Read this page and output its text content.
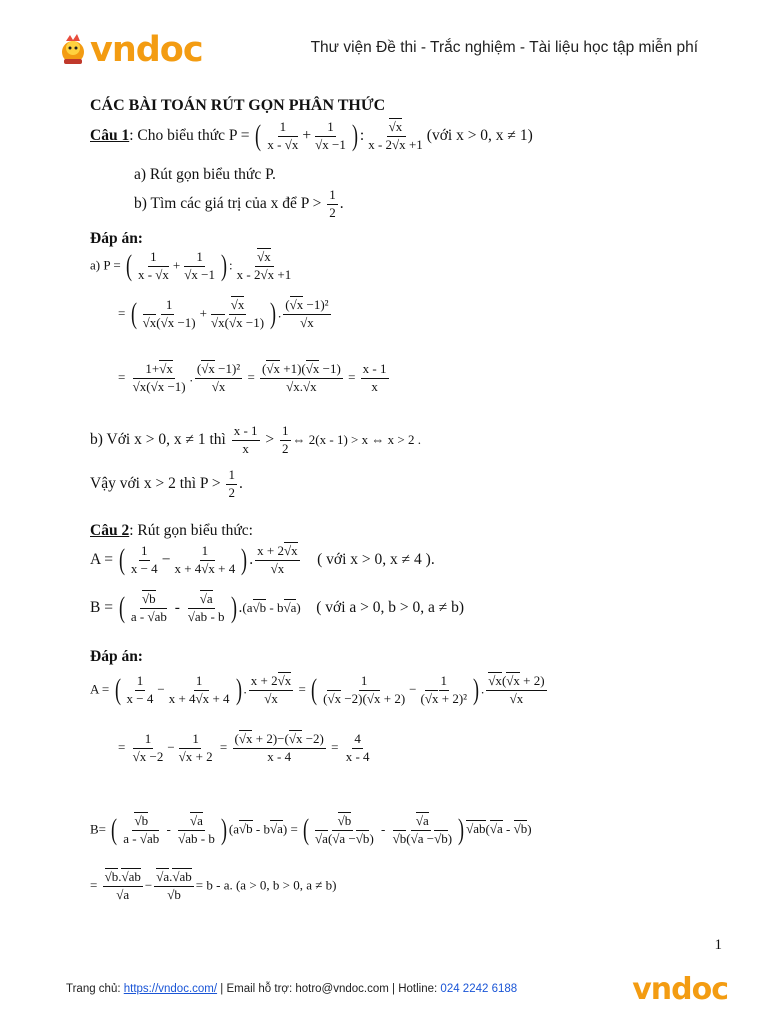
vndoc	Thư viện Đề thi - Trắc nghiệm - Tài liệu học tập miễn phí
CÁC BÀI TOÁN RÚT GỌN PHÂN THỨC
Câu 1: Cho biểu thức P = ( $\frac{1}{x - √x} + \frac{1}{√x -1}$ ) : $\frac{√x}{x - 2√x +1}$ (với x > 0, x ≠ 1)
a) Rút gọn biểu thức P.
b) Tìm các giá trị của x để $P > \frac{1}{2}$ .
Đáp án:
a) P = ( $\frac{1}{x - √x} + \frac{1}{√x -1}$ ) : $\frac{√x}{x - 2√x +1}$
= ( $\frac{1}{√x(√x -1)} + \frac{√x}{√x(√x -1)}$ ) . $\frac{\text{(√x −1)²}}{√x}$
= $\frac{1+√x}{√x(√x -1)}$ . $\frac{\text{(√x −1)²}}{√x} = \frac{(√x +1)(√x -1)}{√x.√x} = \frac{x - 1}{x}$
b) Với x > 0, x ≠ 1 thì $\frac{x - 1}{x} > \frac{1}{2}$ ⇔ 2(x - 1) > x ⇔ x > 2 .
Vậy với x > 2 thì $P > \frac{1}{2}$ .
Câu 2: Rút gọn biểu thức:
A = ( $\frac{1}{x - 4} - \frac{1}{x + 4√x + 4}$ ) . $\frac{x + 2√x}{√x}$ ( với x > 0, x ≠ 4 ).
B = ( $\frac{√b}{a - √ab} - \frac{√a}{√ab - b}$ ) .(a√b - b√a) ( với a > 0, b > 0, a ≠ b)
Đáp án:
A = ( $\frac{1}{x - 4} - \frac{1}{x + 4√x + 4}$ ) . $\frac{x + 2√x}{√x}$ = ( $\frac{1}{(√x -2)(√x + 2)} - \frac{1}{\text{(√x + 2)²}}$ ) . $\frac{√x(√x + 2)}{√x}$
= $\frac{1}{√x -2} - \frac{1}{√x + 2} = \frac{(√x + 2)-(√x -2)}{x - 4} = \frac{4}{x - 4}$
B= ( $\frac{√b}{a - √ab} - \frac{√a}{√ab - b}$ ) (a√b - b√a) = ( $\frac{√b}{√a(√a -√b)} - \frac{√a}{√b(√a -√b)}$ ) √ab(√a - √b)
= $\frac{√b.√ab}{√a} - \frac{√a.√ab}{√b} = b - a$. (a > 0, b > 0, a ≠ b)
1
Trang chủ: https://vndoc.com/ | Email hỗ trợ: hotro@vndoc.com | Hotline: 024 2242 6188	vndoc
